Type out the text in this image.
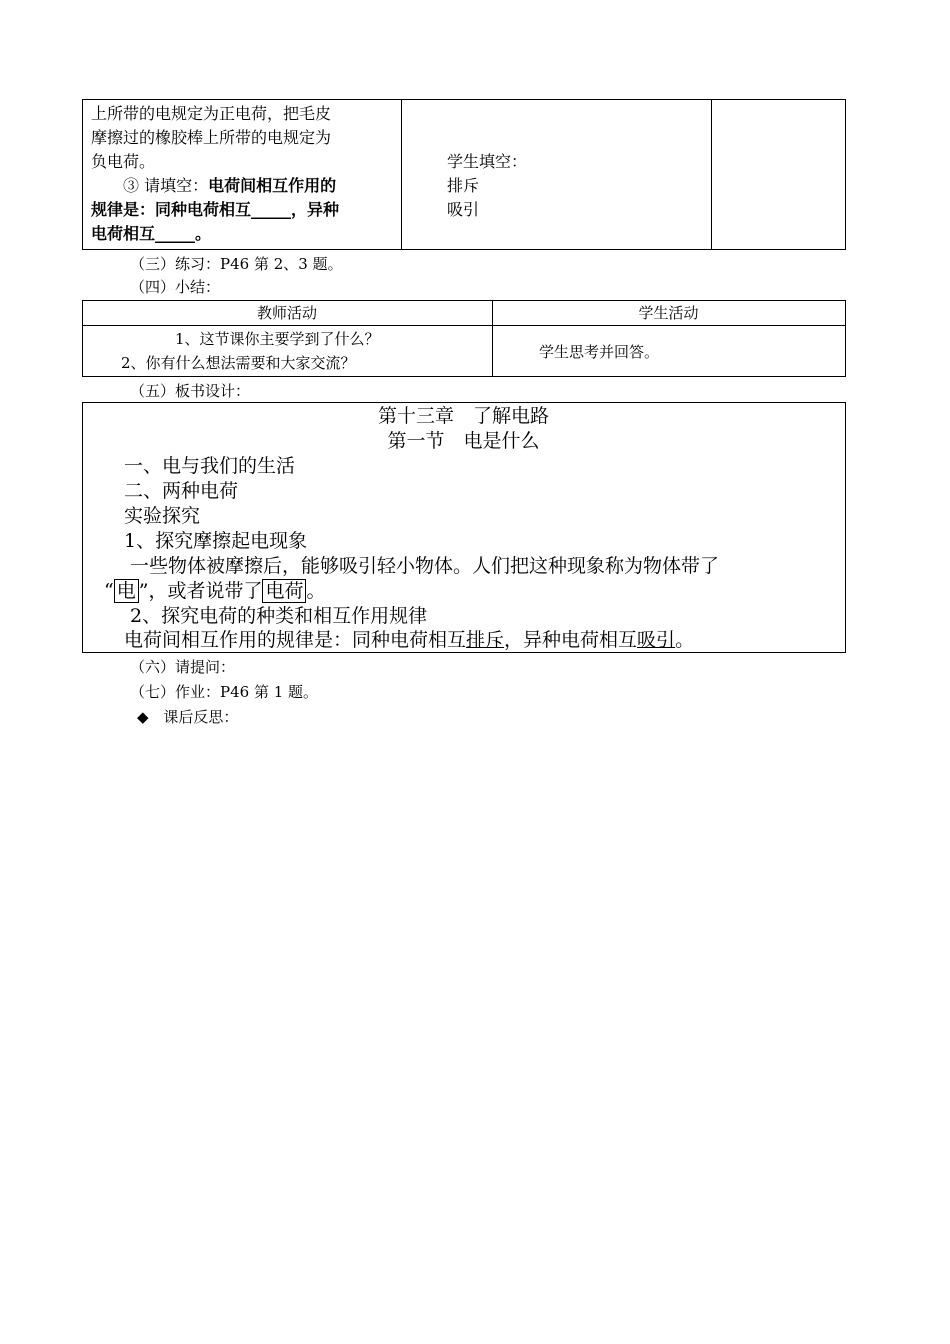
上所带的电规定为正电荷，把毛皮
摩擦过的橡胶棒上所带的电规定为
负电荷。
③ 请填空：电荷间相互作用的
规律是：同种电荷相互_____，异种
电荷相互_____。
学生填空：
排斥
吸引
（三）练习：P46 第 2、3 题。
（四）小结：
教师活动	学生活动
1、这节课你主要学到了什么？
2、你有什么想法需要和大家交流？
学生思考并回答。
（五）板书设计：
第十三章　了解电路
第一节　电是什么
一、电与我们的生活
二、两种电荷
实验探究
1、探究摩擦起电现象
一些物体被摩擦后，能够吸引轻小物体。人们把这种现象称为物体带了
“ 电 ”，或者说带了 电荷 。
2、探究电荷的种类和相互作用规律
电荷间相互作用的规律是：同种电荷相互排斥，异种电荷相互吸引。
（六）请提问：
（七）作业：P46 第 1 题。
◆ 课后反思：
